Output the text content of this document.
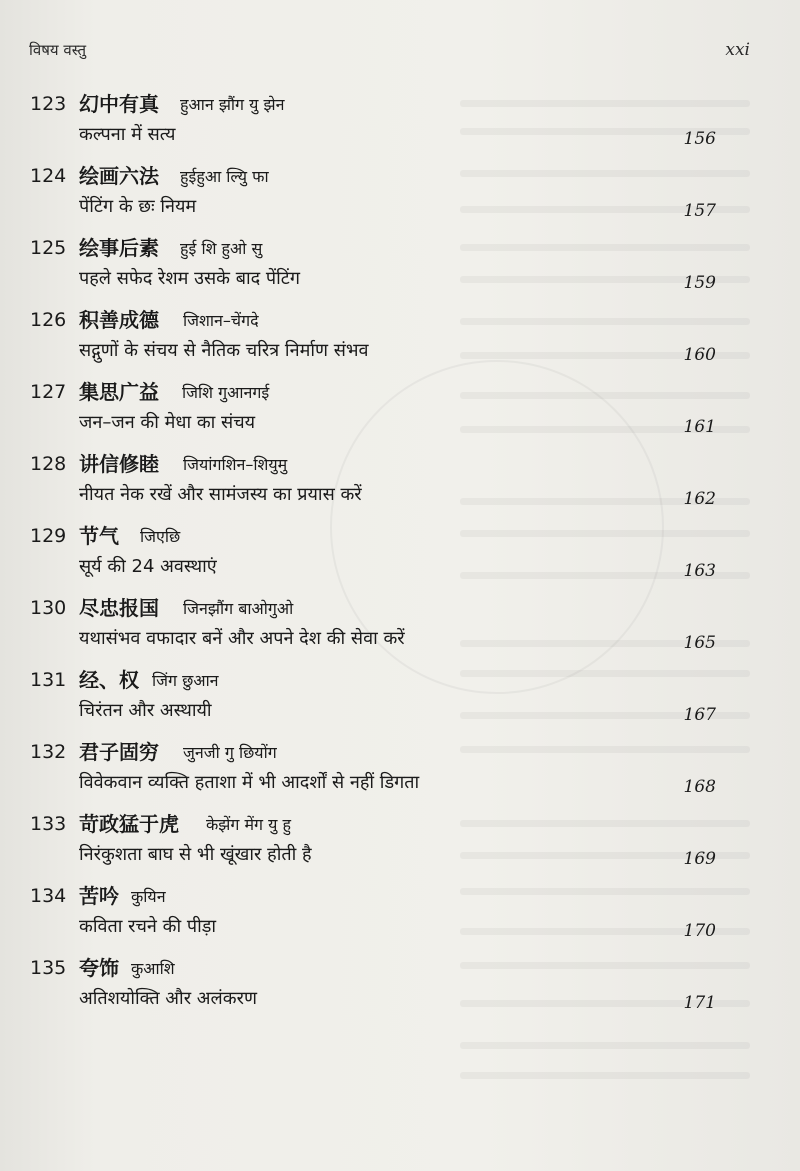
विषय वस्तु	xxi
123 幻中有真 हुआन झौंग यु झेन
कल्पना में सत्य	156
124 绘画六法 हुईहुआ ल्यिु फा
पेंटिंग के छः नियम	157
125 绘事后素 हुई शि हुओ सु
पहले सफेद रेशम उसके बाद पेंटिंग	159
126 积善成德 जिशान–चेंगदे
सद्गुणों के संचय से नैतिक चरित्र निर्माण संभव	160
127 集思广益 जिशि गुआनगई
जन–जन की मेधा का संचय	161
128 讲信修睦 जियांगशिन–शियुमु
नीयत नेक रखें और सामंजस्य का प्रयास करें	162
129 节气 जिएछि
सूर्य की 24 अवस्थाएं	163
130 尽忠报国 जिनझौंग बाओगुओ
यथासंभव वफादार बनें और अपने देश की सेवा करें	165
131 经、权 जिंग छुआन
चिरंतन और अस्थायी	167
132 君子固穷 जुनजी गु छियोंग
विवेकवान व्यक्ति हताशा में भी आदर्शों से नहीं डिगता	168
133 苛政猛于虎 केझेंग मेंग यु हु
निरंकुशता बाघ से भी खूंखार होती है	169
134 苦吟 कुयिन
कविता रचने की पीड़ा	170
135 夸饰 कुआशि
अतिशयोक्ति और अलंकरण	171
